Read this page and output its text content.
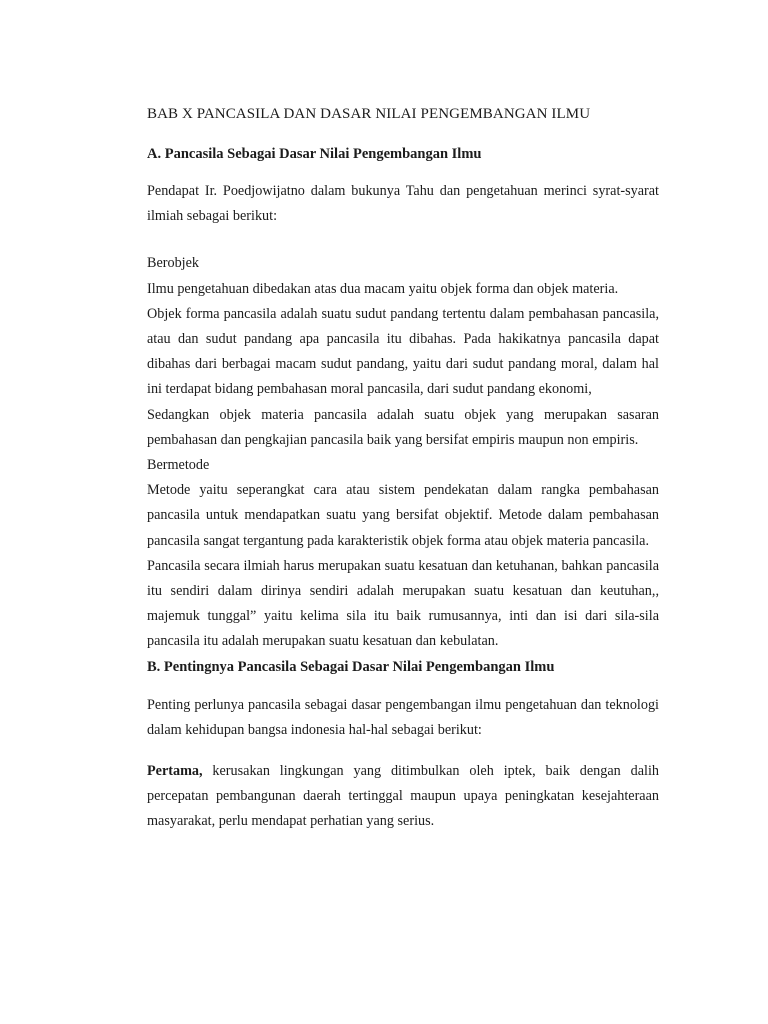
BAB X PANCASILA DAN DASAR NILAI PENGEMBANGAN ILMU
A. Pancasila Sebagai Dasar Nilai Pengembangan Ilmu

Pendapat Ir. Poedjowijatno dalam bukunya Tahu dan pengetahuan merinci syrat-syarat ilmiah sebagai berikut:

Berobjek

Ilmu pengetahuan dibedakan atas dua macam yaitu objek forma dan objek materia.

Objek forma pancasila adalah suatu sudut pandang tertentu dalam pembahasan pancasila, atau dan sudut pandang apa pancasila itu dibahas. Pada hakikatnya pancasila dapat dibahas dari berbagai macam sudut pandang, yaitu dari sudut pandang moral, dalam hal ini terdapat bidang pembahasan moral pancasila, dari sudut pandang ekonomi,

Sedangkan objek materia pancasila adalah suatu objek yang merupakan sasaran pembahasan dan pengkajian pancasila baik yang bersifat empiris maupun non empiris.

Bermetode

Metode yaitu seperangkat cara atau sistem pendekatan dalam rangka pembahasan pancasila untuk mendapatkan suatu yang bersifat objektif. Metode dalam pembahasan pancasila sangat tergantung pada karakteristik objek forma atau objek materia pancasila.

Pancasila secara ilmiah harus merupakan suatu kesatuan dan ketuhanan, bahkan pancasila itu sendiri dalam dirinya sendiri adalah merupakan suatu kesatuan dan keutuhan,, majemuk tunggal” yaitu kelima sila itu baik rumusannya, inti dan isi dari sila-sila pancasila itu adalah merupakan suatu kesatuan dan kebulatan.

B. Pentingnya Pancasila Sebagai Dasar Nilai Pengembangan Ilmu

Penting perlunya pancasila sebagai dasar pengembangan ilmu pengetahuan dan teknologi dalam kehidupan bangsa indonesia hal-hal sebagai berikut:

Pertama, kerusakan lingkungan yang ditimbulkan oleh iptek, baik dengan dalih percepatan pembangunan daerah tertinggal maupun upaya peningkatan kesejahteraan masyarakat, perlu mendapat perhatian yang serius.
